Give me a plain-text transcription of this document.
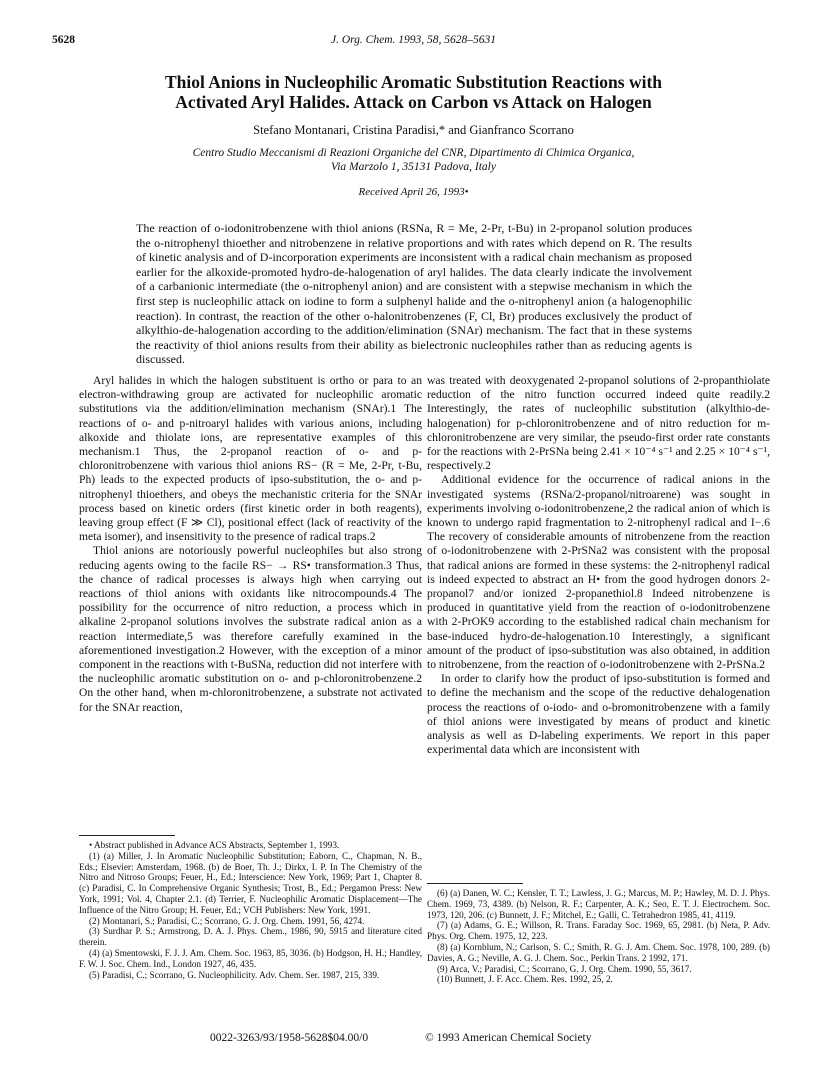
5628	J. Org. Chem. 1993, 58, 5628–5631
Thiol Anions in Nucleophilic Aromatic Substitution Reactions with
Activated Aryl Halides. Attack on Carbon vs Attack on Halogen
Stefano Montanari, Cristina Paradisi,* and Gianfranco Scorrano
Centro Studio Meccanismi di Reazioni Organiche del CNR, Dipartimento di Chimica Organica,
Via Marzolo 1, 35131 Padova, Italy
Received April 26, 1993•
The reaction of o-iodonitrobenzene with thiol anions (RSNa, R = Me, 2-Pr, t-Bu) in 2-propanol solution produces the o-nitrophenyl thioether and nitrobenzene in relative proportions and with rates which depend on R. The results of kinetic analysis and of D-incorporation experiments are inconsistent with a radical chain mechanism as proposed earlier for the alkoxide-promoted hydro-de-halogenation of aryl halides. The data clearly indicate the involvement of a carbanionic intermediate (the o-nitrophenyl anion) and are consistent with a stepwise mechanism in which the first step is nucleophilic attack on iodine to form a sulphenyl halide and the o-nitrophenyl anion (a halogenophilic reaction). In contrast, the reaction of the other o-halonitrobenzenes (F, Cl, Br) produces exclusively the product of alkylthio-de-halogenation according to the addition/elimination (SNAr) mechanism. The fact that in these systems the reactivity of thiol anions results from their ability as bielectronic nucleophiles rather than as reducing agents is discussed.

Aryl halides in which the halogen substituent is ortho or para to an electron-withdrawing group are activated for nucleophilic aromatic substitutions via the addition/elimination mechanism (SNAr).1 The reactions of o- and p-nitroaryl halides with various anions, including alkoxide and thiolate ions, are representative examples of this mechanism.1 Thus, the 2-propanol reaction of o- and p-chloronitrobenzene with various thiol anions RS− (R = Me, 2-Pr, t-Bu, Ph) leads to the expected products of ipso-substitution, the o- and p-nitrophenyl thioethers, and obeys the mechanistic criteria for the SNAr process based on kinetic orders (first kinetic order in both reagents), leaving group effect (F ≫ Cl), positional effect (lack of reactivity of the meta isomer), and insensitivity to the presence of radical traps.2

Thiol anions are notoriously powerful nucleophiles but also strong reducing agents owing to the facile RS− → RS• transformation.3 Thus, the chance of radical processes is always high when carrying out reactions of thiol anions with oxidants like nitrocompounds.4 The possibility for the occurrence of nitro reduction, a process which in alkaline 2-propanol solutions involves the substrate radical anion as a reaction intermediate,5 was therefore carefully examined in the aforementioned investigation.2 However, with the exception of a minor component in the reactions with t-BuSNa, reduction did not interfere with the nucleophilic aromatic substitution on o- and p-chloronitrobenzene.2 On the other hand, when m-chloronitrobenzene, a substrate not activated for the SNAr reaction,

was treated with deoxygenated 2-propanol solutions of 2-propanthiolate reduction of the nitro function occurred indeed quite readily.2 Interestingly, the rates of nucleophilic substitution (alkylthio-de-halogenation) for p-chloronitrobenzene and of nitro reduction for m-chloronitrobenzene are very similar, the pseudo-first order rate constants for the reactions with 2-PrSNa being 2.41 × 10⁻⁴ s⁻¹ and 2.25 × 10⁻⁴ s⁻¹, respectively.2

Additional evidence for the occurrence of radical anions in the investigated systems (RSNa/2-propanol/nitroarene) was sought in experiments involving o-iodonitrobenzene,2 the radical anion of which is known to undergo rapid fragmentation to 2-nitrophenyl radical and I−.6 The recovery of considerable amounts of nitrobenzene from the reaction of o-iodonitrobenzene with 2-PrSNa2 was consistent with the proposal that radical anions are formed in these systems: the 2-nitrophenyl radical is indeed expected to abstract an H• from the good hydrogen donors 2-propanol7 and/or ionized 2-propanethiol.8 Indeed nitrobenzene is produced in quantitative yield from the reaction of o-iodonitrobenzene with 2-PrOK9 according to the established radical chain mechanism for base-induced hydro-de-halogenation.10 Interestingly, a significant amount of the product of ipso-substitution was also obtained, in addition to nitrobenzene, from the reaction of o-iodonitrobenzene with 2-PrSNa.2

In order to clarify how the product of ipso-substitution is formed and to define the mechanism and the scope of the reductive dehalogenation process the reactions of o-iodo- and o-bromonitrobenzene with a family of thiol anions were investigated by means of product and kinetic analysis as well as D-labeling experiments. We report in this paper experimental data which are inconsistent with

• Abstract published in Advance ACS Abstracts, September 1, 1993.

(1) (a) Miller, J. In Aromatic Nucleophilic Substitution; Eaborn, C., Chapman, N. B., Eds.; Elsevier: Amsterdam, 1968. (b) de Boer, Th. J.; Dirkx, I. P. In The Chemistry of the Nitro and Nitroso Groups; Feuer, H., Ed.; Interscience: New York, 1969; Part 1, Chapter 8. (c) Paradisi, C. In Comprehensive Organic Synthesis; Trost, B., Ed.; Pergamon Press: New York, 1991; Vol. 4, Chapter 2.1. (d) Terrier, F. Nucleophilic Aromatic Displacement—The Influence of the Nitro Group; H. Feuer, Ed.; VCH Publishers: New York, 1991.

(2) Montanari, S.; Paradisi, C.; Scorrano, G. J. Org. Chem. 1991, 56, 4274.

(3) Surdhar P. S.; Armstrong, D. A. J. Phys. Chem., 1986, 90, 5915 and literature cited therein.

(4) (a) Smentowski, F. J. J. Am. Chem. Soc. 1963, 85, 3036. (b) Hodgson, H. H.; Handley, F. W. J. Soc. Chem. Ind., London 1927, 46, 435.

(5) Paradisi, C.; Scorrano, G. Nucleophilicity. Adv. Chem. Ser. 1987, 215, 339.

(6) (a) Danen, W. C.; Kensler, T. T.; Lawless, J. G.; Marcus, M. P.; Hawley, M. D. J. Phys. Chem. 1969, 73, 4389. (b) Nelson, R. F.; Carpenter, A. K.; Seo, E. T. J. Electrochem. Soc. 1973, 120, 206. (c) Bunnett, J. F.; Mitchel, E.; Galli, C. Tetrahedron 1985, 41, 4119.

(7) (a) Adams, G. E.; Willson, R. Trans. Faraday Soc. 1969, 65, 2981. (b) Neta, P. Adv. Phys. Org. Chem. 1975, 12, 223.

(8) (a) Kornblum, N.; Carlson, S. C.; Smith, R. G. J. Am. Chem. Soc. 1978, 100, 289. (b) Davies, A. G.; Neville, A. G. J. Chem. Soc., Perkin Trans. 2 1992, 171.

(9) Arca, V.; Paradisi, C.; Scorrano, G. J. Org. Chem. 1990, 55, 3617.

(10) Bunnett, J. F. Acc. Chem. Res. 1992, 25, 2.

0022-3263/93/1958-5628$04.00/0	© 1993 American Chemical Society
